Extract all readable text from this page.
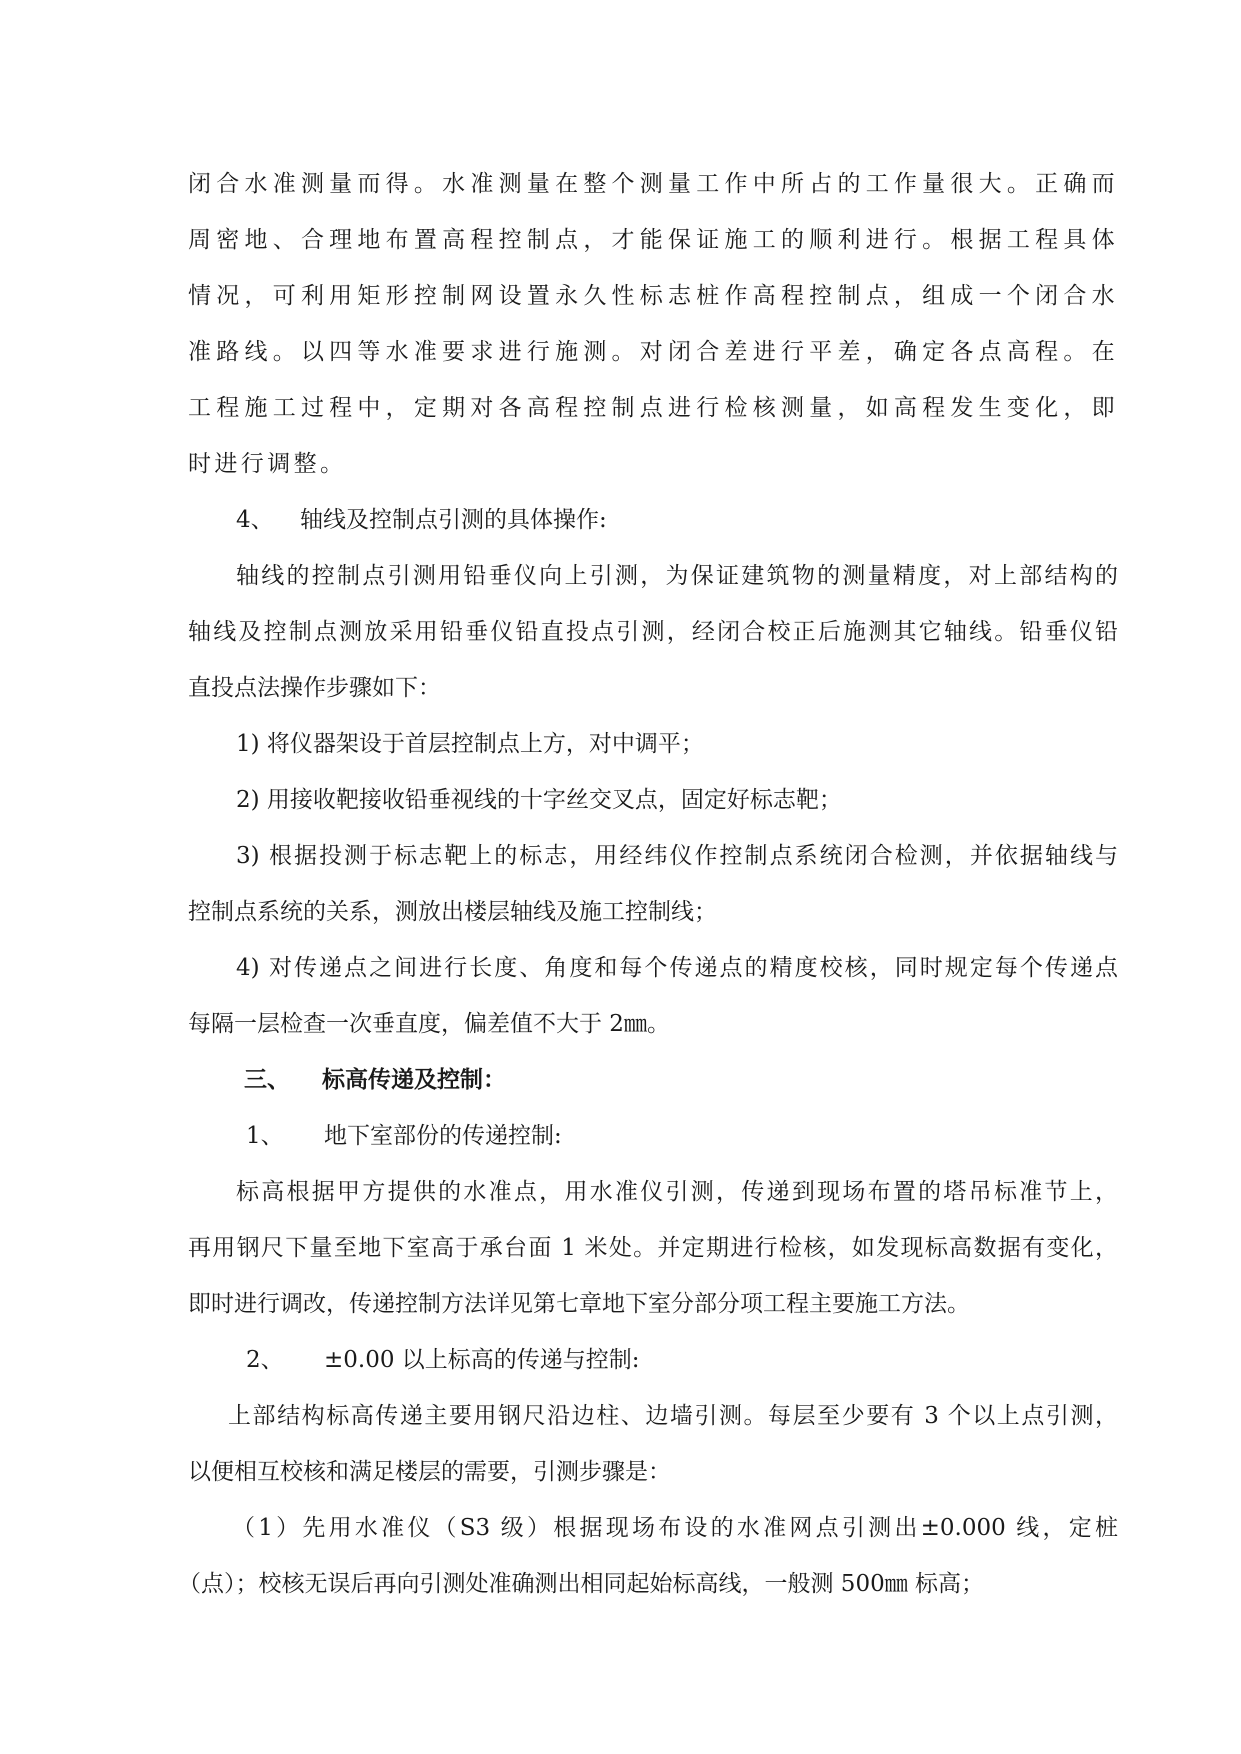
闭合水准测量而得。水准测量在整个测量工作中所占的工作量很大。正确而
周密地、合理地布置高程控制点，才能保证施工的顺利进行。根据工程具体
情况，可利用矩形控制网设置永久性标志桩作高程控制点，组成一个闭合水
准路线。以四等水准要求进行施测。对闭合差进行平差，确定各点高程。在
工程施工过程中，定期对各高程控制点进行检核测量，如高程发生变化，即
时进行调整。
4、 轴线及控制点引测的具体操作:
轴线的控制点引测用铅垂仪向上引测，为保证建筑物的测量精度，对上部结构的
轴线及控制点测放采用铅垂仪铅直投点引测，经闭合校正后施测其它轴线。铅垂仪铅
直投点法操作步骤如下：
1) 将仪器架设于首层控制点上方，对中调平；
2) 用接收靶接收铅垂视线的十字丝交叉点，固定好标志靶；
3) 根据投测于标志靶上的标志，用经纬仪作控制点系统闭合检测，并依据轴线与
控制点系统的关系，测放出楼层轴线及施工控制线；
4) 对传递点之间进行长度、角度和每个传递点的精度校核，同时规定每个传递点
每隔一层检查一次垂直度，偏差值不大于 2㎜。
三、 标高传递及控制：
1、 地下室部份的传递控制:
标高根据甲方提供的水准点，用水准仪引测，传递到现场布置的塔吊标准节上，
再用钢尺下量至地下室高于承台面 1 米处。并定期进行检核，如发现标高数据有变化，
即时进行调改，传递控制方法详见第七章地下室分部分项工程主要施工方法。
2、 ±0.00 以上标高的传递与控制:
上部结构标高传递主要用钢尺沿边柱、边墙引测。每层至少要有 3 个以上点引测，
以便相互校核和满足楼层的需要，引测步骤是：
（1）先用水准仪（S3 级）根据现场布设的水准网点引测出±0.000 线，定桩
（点）；校核无误后再向引测处准确测出相同起始标高线，一般测 500㎜ 标高；
